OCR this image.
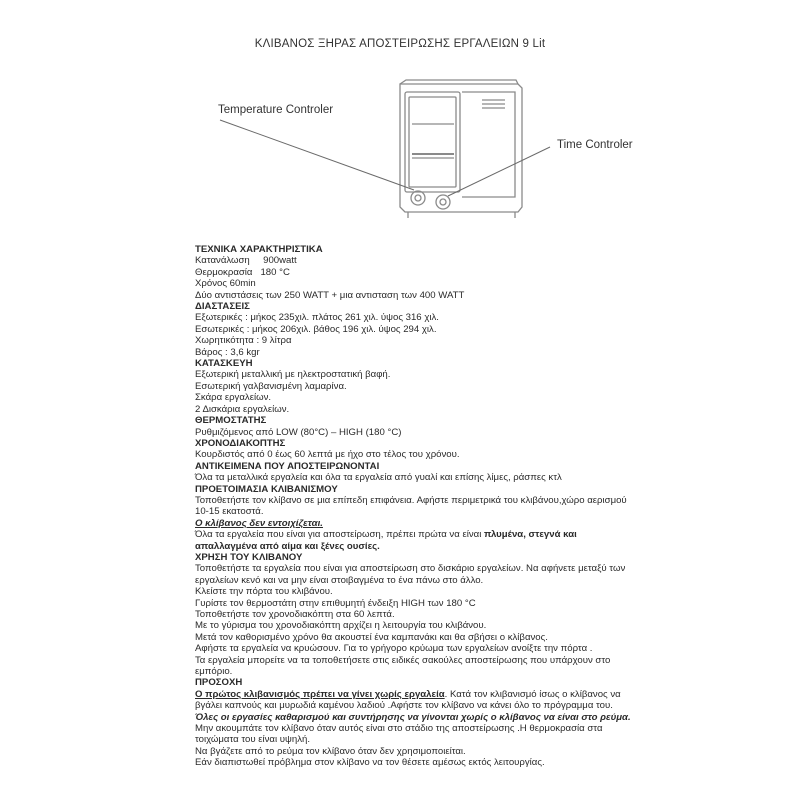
ΚΛΙΒΑΝΟΣ ΞΗΡΑΣ ΑΠΟΣΤΕΙΡΩΣΗΣ ΕΡΓΑΛΕΙΩΝ 9 Lit
Temperature Controler
Time Controler

ΤΕΧΝΙΚΑ ΧΑΡΑΚΤΗΡΙΣΤΙΚΑ

Κατανάλωση 900watt

Θερμοκρασία 180 °C

Χρόνος 60min

Δύο αντιστάσεις των 250 WATT + μια αντισταση των 400 WATT

ΔΙΑΣΤΑΣΕΙΣ

Εξωτερικές : μήκος 235χιλ. πλάτος 261 χιλ. ύψος 316 χιλ.

Εσωτερικές : μήκος 206χιλ. βάθος 196 χιλ. ύψος 294 χιλ.

Χωρητικότητα : 9 λίτρα

Βάρος : 3,6 kgr

ΚΑΤΑΣΚΕΥΗ

Εξωτερική μεταλλική με ηλεκτροστατική βαφή.

Εσωτερική γαλβανισμένη λαμαρίνα.

Σκάρα εργαλείων.

2 Δισκάρια εργαλείων.

ΘΕΡΜΟΣΤΑΤΗΣ

Ρυθμιζόμενος από LOW (80°C) – HIGH (180 °C)

ΧΡΟΝΟΔΙΑΚΟΠΤΗΣ

Κουρδιστός από 0 έως 60 λεπτά με ήχο στο τέλος του χρόνου.

ΑΝΤΙΚΕΙΜΕΝΑ ΠΟΥ ΑΠΟΣΤΕΙΡΩΝΟΝΤΑΙ

Όλα τα μεταλλικά εργαλεία και όλα τα εργαλεία από γυαλί και επίσης λίμες, ράσπες κτλ

ΠΡΟΕΤΟΙΜΑΣΙΑ ΚΛΙΒΑΝΙΣΜΟΥ

Τοποθετήστε τον κλίβανο σε μια επίπεδη επιφάνεια. Αφήστε περιμετρικά του κλιβάνου,χώρο αερισμού

10-15 εκατοστά.

Ο κλίβανος δεν εντοιχίζεται.

Όλα τα εργαλεία που είναι για αποστείρωση, πρέπει πρώτα να είναι πλυμένα, στεγνά και απαλλαγμένα από αίμα και ξένες ουσίες.

ΧΡΗΣΗ ΤΟΥ ΚΛΙΒΑΝΟΥ

Τοποθετήστε τα εργαλεία που είναι για αποστείρωση στο δισκάριο εργαλείων. Να αφήνετε μεταξύ των

εργαλείων κενό και να μην είναι στοιβαγμένα το ένα πάνω στο άλλο.

Κλείστε την πόρτα του κλιβάνου.

Γυρίστε τον θερμοστάτη στην επιθυμητή ένδειξη HIGH των 180 °C

Τοποθετήστε τον χρονοδιακόπτη στα 60 λεπτά.

Με το γύρισμα του χρονοδιακόπτη αρχίζει η λειτουργία του κλιβάνου.

Μετά τον καθορισμένο χρόνο θα ακουστεί ένα καμπανάκι και θα σβήσει ο κλίβανος.

Αφήστε τα εργαλεία να κρυώσουν. Για το γρήγορο κρύωμα των εργαλείων ανοίξτε την πόρτα .

Τα εργαλεία μπορείτε να τα τοποθετήσετε στις ειδικές σακούλες αποστείρωσης που υπάρχουν στο

εμπόριο.

ΠΡΟΣΟΧΗ

Ο πρώτος κλιβανισμός πρέπει να γίνει χωρίς εργαλεία. Κατά τον κλιβανισμό ίσως ο κλίβανος να

βγάλει καπνούς και μυρωδιά καμένου λαδιού .Αφήστε τον κλίβανο να κάνει όλο το πρόγραμμα του.

Όλες οι εργασίες καθαρισμού και συντήρησης να γίνονται χωρίς ο κλίβανος να είναι στο ρεύμα.

Μην ακουμπάτε τον κλίβανο όταν αυτός είναι στο στάδιο της αποστείρωσης .Η θερμοκρασία στα

τοιχώματα του είναι υψηλή.

Να βγάζετε από το ρεύμα τον κλίβανο όταν δεν χρησιμοποιείται.

Εάν διαπιστωθεί πρόβλημα στον κλίβανο να τον θέσετε αμέσως εκτός λειτουργίας.
